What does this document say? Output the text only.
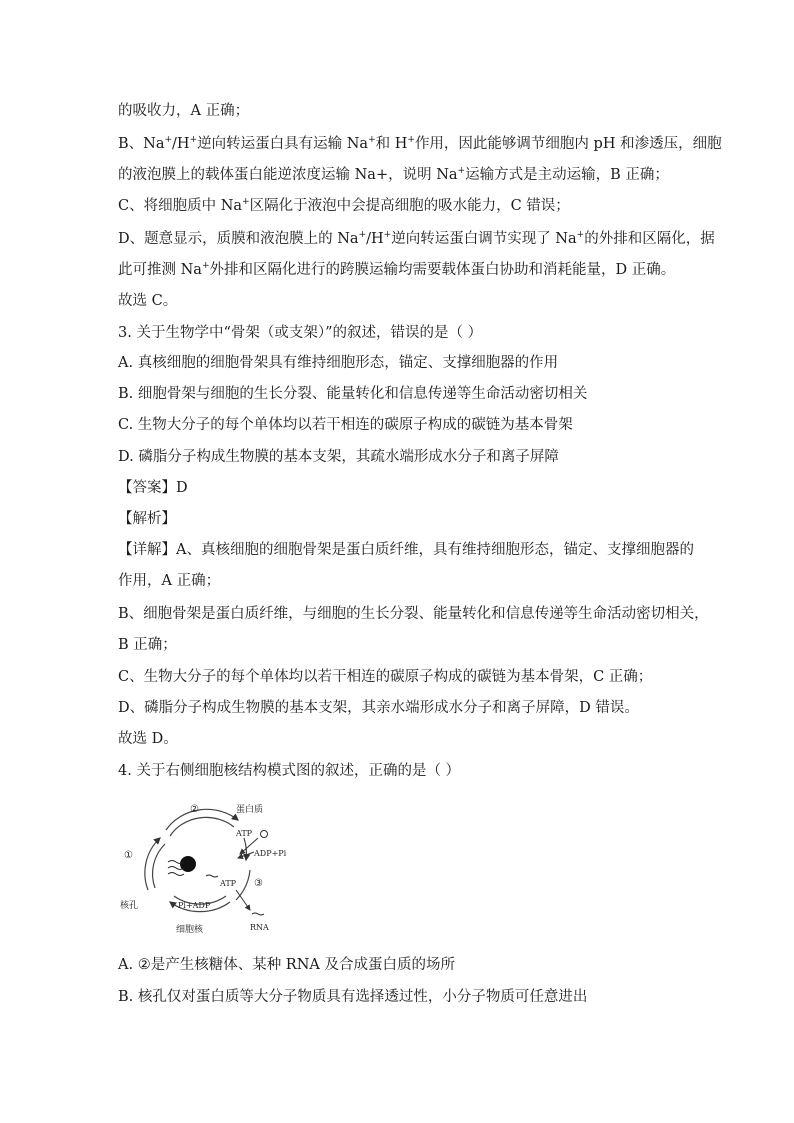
的吸收力，A 正确；
B、Na+/H+逆向转运蛋白具有运输 Na+和 H+作用，因此能够调节细胞内 pH 和渗透压，细胞
的液泡膜上的载体蛋白能逆浓度运输 Na+，说明 Na+运输方式是主动运输，B 正确；
C、将细胞质中 Na+区隔化于液泡中会提高细胞的吸水能力，C 错误；
D、题意显示，质膜和液泡膜上的 Na+/H+逆向转运蛋白调节实现了 Na+的外排和区隔化，据
此可推测 Na+外排和区隔化进行的跨膜运输均需要载体蛋白协助和消耗能量，D 正确。
故选 C。
3. 关于生物学中“骨架（或支架）”的叙述，错误的是（ ）
A. 真核细胞的细胞骨架具有维持细胞形态，锚定、支撑细胞器的作用
B. 细胞骨架与细胞的生长分裂、能量转化和信息传递等生命活动密切相关
C. 生物大分子的每个单体均以若干相连的碳原子构成的碳链为基本骨架
D. 磷脂分子构成生物膜的基本支架，其疏水端形成水分子和离子屏障
【答案】D
【解析】
【详解】A、真核细胞的细胞骨架是蛋白质纤维，具有维持细胞形态，锚定、支撑细胞器的
作用，A 正确；
B、细胞骨架是蛋白质纤维，与细胞的生长分裂、能量转化和信息传递等生命活动密切相关，
B 正确；
C、生物大分子的每个单体均以若干相连的碳原子构成的碳链为基本骨架，C 正确；
D、磷脂分子构成生物膜的基本支架，其亲水端形成水分子和离子屏障，D 错误。
故选 D。
4. 关于右侧细胞核结构模式图的叙述，正确的是（ ）
A. ②是产生核糖体、某种 RNA 及合成蛋白质的场所
B. 核孔仅对蛋白质等大分子物质具有选择透过性，小分子物质可任意进出
②	蛋白质
ATP
ADP+Pi
①
ATP ③
核孔	Pi+ADP
RNA
细胞核
